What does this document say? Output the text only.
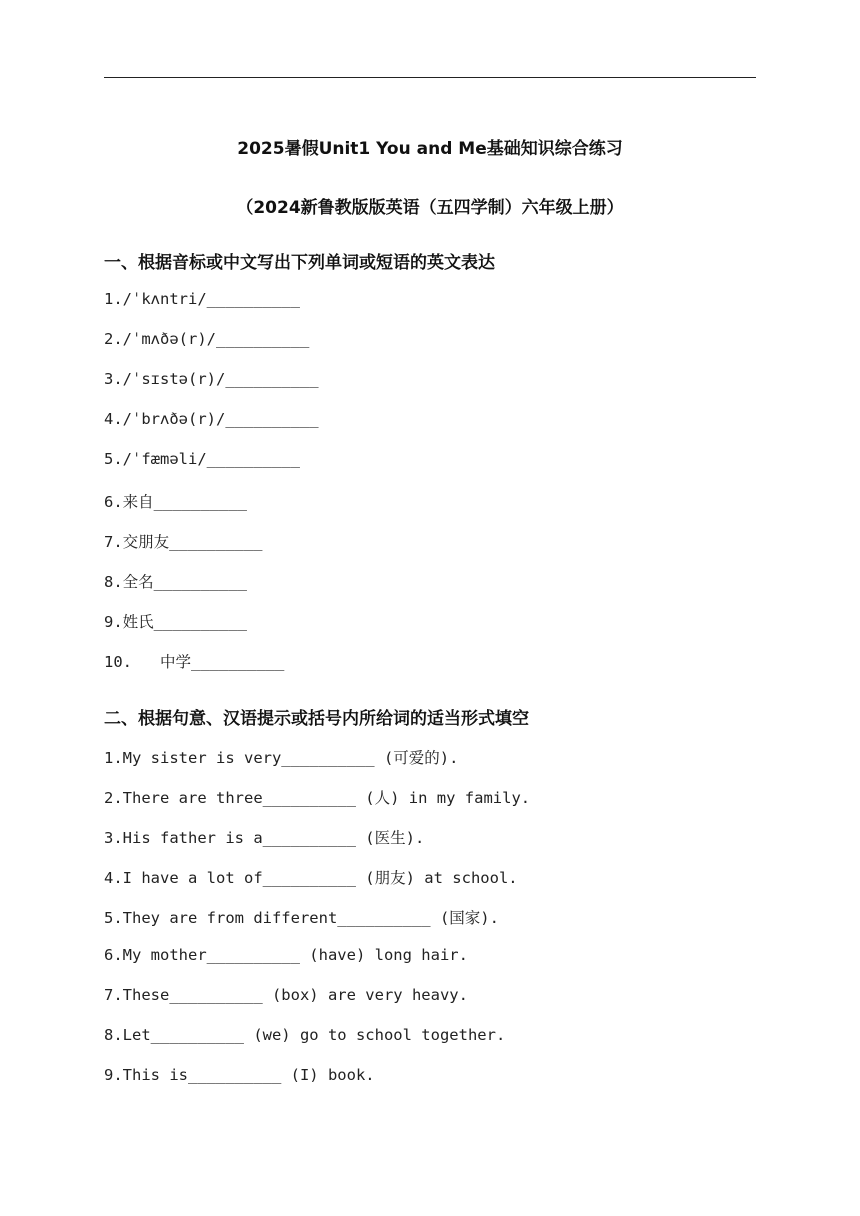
2025暑假Unit1 You and Me基础知识综合练习
（2024新鲁教版版英语（五四学制）六年级上册）
一、根据音标或中文写出下列单词或短语的英文表达
1./ˈkʌntri/__________
2./ˈmʌðə(r)/__________
3./ˈsɪstə(r)/__________
4./ˈbrʌðə(r)/__________
5./ˈfæməli/__________
6.来自__________
7.交朋友__________
8.全名__________
9.姓氏__________
10.   中学__________
二、根据句意、汉语提示或括号内所给词的适当形式填空
1.My sister is very__________ (可爱的).
2.There are three__________ (人) in my family.
3.His father is a__________ (医生).
4.I have a lot of__________ (朋友) at school.
5.They are from different__________ (国家).
6.My mother__________ (have) long hair.
7.These__________ (box) are very heavy.
8.Let__________ (we) go to school together.
9.This is__________ (I) book.
